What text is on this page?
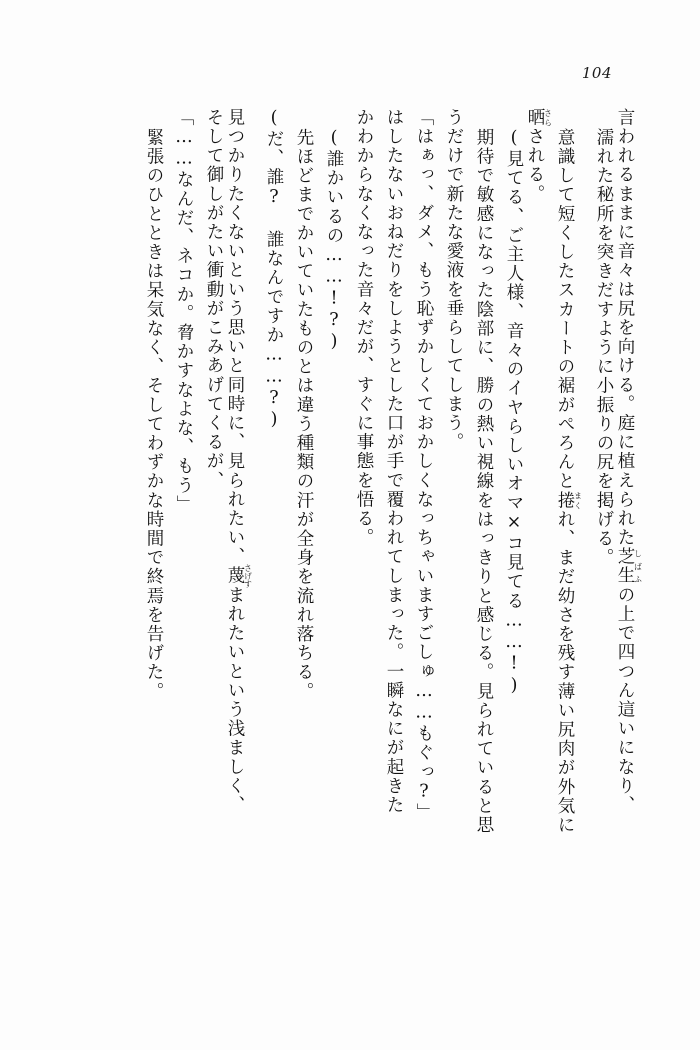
104
言われるままに音々は尻を向ける。庭に植えられた芝生しばふの上で四つん這いになり、
濡れた秘所を突きだすように小振りの尻を掲げる。
意識して短くしたスカートの裾がぺろんと捲まくれ、まだ幼さを残す薄い尻肉が外気に
晒さらされる。
(見てる、ご主人様、音々のイヤらしいオマ×コ見てる……!)
期待で敏感になった陰部に、勝の熱い視線をはっきりと感じる。見られていると思
うだけで新たな愛液を垂らしてしまう。
「はぁっ、ダメ、もう恥ずかしくておかしくなっちゃいますごしゅ……もぐっ?」
はしたないおねだりをしようとした口が手で覆われてしまった。一瞬なにが起きた
かわからなくなった音々だが、すぐに事態を悟る。
(誰かいるの……!?)
先ほどまでかいていたものとは違う種類の汗が全身を流れ落ちる。
(だ、誰? 誰なんですか……?)
見つかりたくないという思いと同時に、見られたい、蔑さげすまれたいという浅ましく、
そして御しがたい衝動がこみあげてくるが、
「……なんだ、ネコか。脅かすなよな、もう」
緊張のひとときは呆気なく、そしてわずかな時間で終焉を告げた。
